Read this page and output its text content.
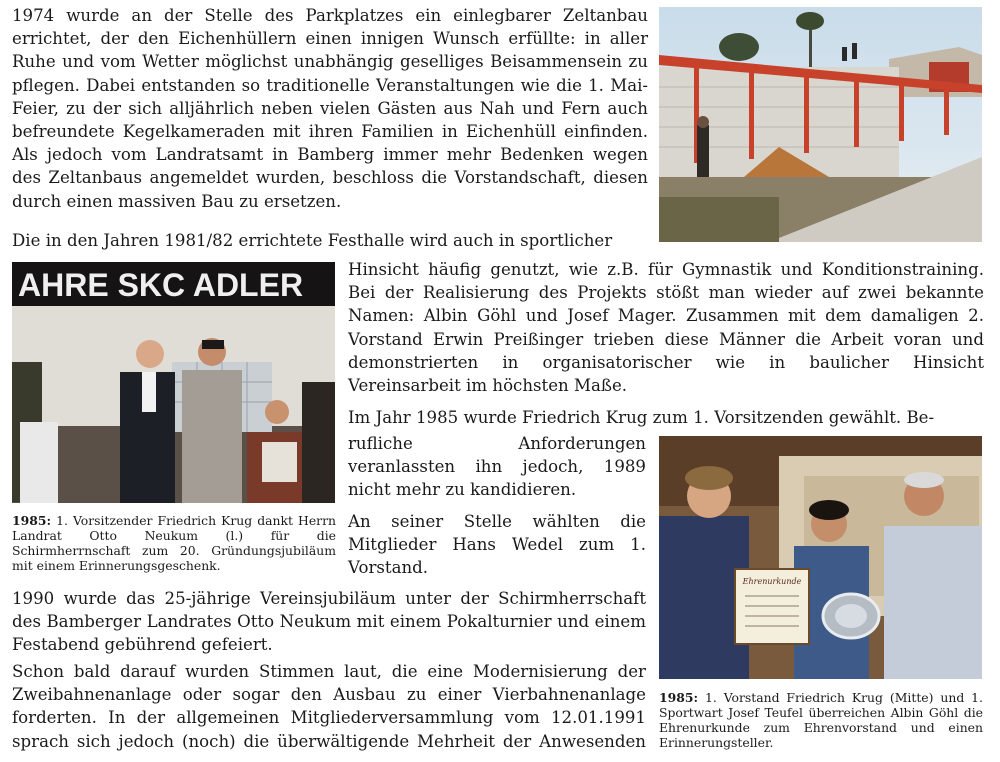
1974 wurde an der Stelle des Parkplatzes ein einlegbarer Zeltanbau errichtet, der den Eichenhüllern einen innigen Wunsch erfüllte: in aller Ruhe und vom Wetter möglichst unabhängig geselliges Beisammensein zu pflegen. Dabei entstanden so traditionelle Veranstaltungen wie die 1. Mai-Feier, zu der sich alljährlich neben vielen Gästen aus Nah und Fern auch befreundete Kegelkameraden mit ihren Familien in Eichenhüll einfinden. Als jedoch vom Landratsamt in Bamberg immer mehr Bedenken wegen des Zeltanbaus angemeldet wurden, beschloss die Vorstandschaft, diesen durch einen massiven Bau zu ersetzen.

Die in den Jahren 1981/82 errichtete Festhalle wird auch in sportlicher

Hinsicht häufig genutzt, wie z.B. für Gymnastik und Konditionstraining. Bei der Realisierung des Projekts stößt man wieder auf zwei bekannte Namen: Albin Göhl und Josef Mager. Zusammen mit dem damaligen 2. Vorstand Erwin Preißinger trieben diese Männer die Arbeit voran und demonstrierten in organisatorischer wie in baulicher Hinsicht Vereinsarbeit im höchsten Maße.

Im Jahr 1985 wurde Friedrich Krug zum 1. Vorsitzenden gewählt. Be-

rufliche Anforderungen veranlassten ihn jedoch, 1989 nicht mehr zu kandidieren.

An seiner Stelle wählten die Mitglieder Hans Wedel zum 1. Vorstand.

1990 wurde das 25-jährige Vereinsjubiläum unter der Schirmherrschaft des Bamberger Landrates Otto Neukum mit einem Pokalturnier und einem Festabend gebührend gefeiert.

Schon bald darauf wurden Stimmen laut, die eine Modernisierung der Zweibahnenanlage oder sogar den Ausbau zu einer Vierbahnenanlage forderten. In der allgemeinen Mitgliederversammlung vom 12.01.1991 sprach sich jedoch (noch) die überwältigende Mehrheit der Anwesenden

AHRE SKC ADLER

1985: 1. Vorsitzender Friedrich Krug dankt Herrn Landrat Otto Neukum (l.) für die Schirmherrnschaft zum 20. Gründungsjubiläum mit einem Erinnerungsgeschenk.

Ehrenurkunde

1985: 1. Vorstand Friedrich Krug (Mitte) und 1. Sportwart Josef Teufel überreichen Albin Göhl die Ehrenurkunde zum Ehrenvorstand und einen Erinnerungsteller.
